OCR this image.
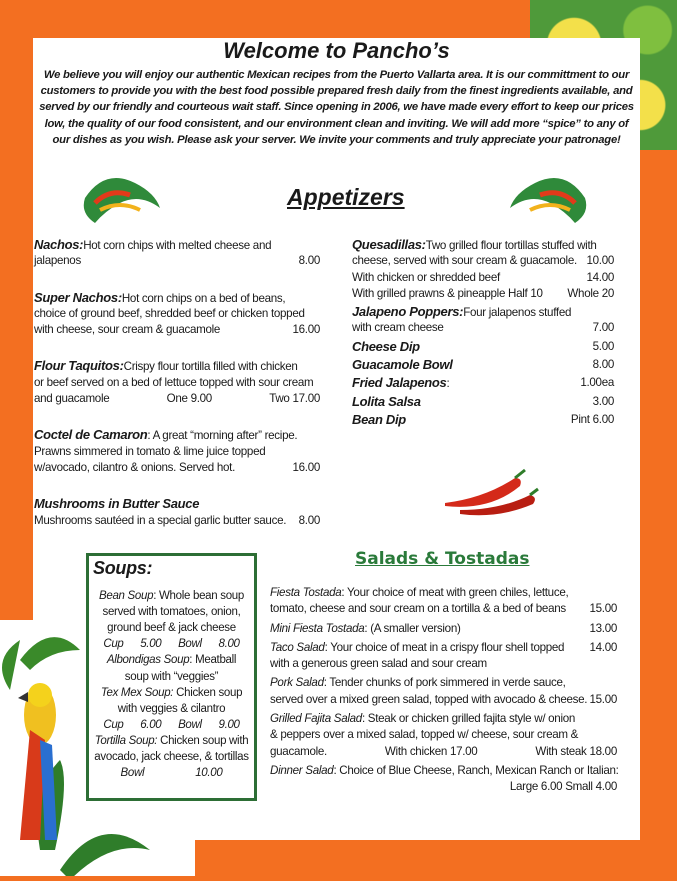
Welcome to Pancho’s
We believe you will enjoy our authentic Mexican recipes from the Puerto Vallarta area. It is our committment to our customers to provide you with the best food possible prepared fresh daily from the finest ingredients available, and served by our friendly and courteous wait staff. Since opening in 2006, we have made every effort to keep our prices low, the quality of our food consistent, and our environment clean and inviting. We will add more “spice” to any of our dishes as you wish. Please ask your server. We invite your comments and truly appreciate your patronage!
Appetizers
Nachos:Hot corn chips with melted cheese and
jalapenos	8.00
Super Nachos:Hot corn chips on a bed of beans,
choice of ground beef, shredded beef or chicken topped
with cheese, sour cream & guacamole	16.00
Flour Taquitos:Crispy flour tortilla filled with chicken
or beef served on a bed of lettuce topped with sour cream
and guacamole	One 9.00	Two 17.00
Coctel de Camaron: A great “morning after” recipe.
Prawns simmered in tomato & lime juice topped
w/avocado, cilantro & onions. Served hot.	16.00
Mushrooms in Butter Sauce
Mushrooms sautéed in a special garlic butter sauce. 8.00
Quesadillas:Two grilled flour tortillas stuffed with
cheese, served with sour cream & guacamole. 10.00
With chicken or shredded beef	14.00
With grilled prawns & pineapple Half 10 Whole 20
Jalapeno Poppers:Four jalapenos stuffed
with cream cheese	7.00
Cheese Dip	5.00
Guacamole Bowl	8.00
Fried Jalapenos:	1.00ea
Lolita Salsa	3.00
Bean Dip	Pint 6.00
Soups:
Bean Soup: Whole bean soup
served with tomatoes, onion,
ground beef & jack cheese
Cup 5.00 Bowl 8.00
Albondigas Soup: Meatball
soup with “veggies”
Tex Mex Soup: Chicken soup
with veggies & cilantro
Cup 6.00 Bowl 9.00
Tortilla Soup: Chicken soup with
avocado, jack cheese, & tortillas
Bowl	10.00
Salads & Tostadas
Fiesta Tostada: Your choice of meat with green chiles, lettuce,
tomato, cheese and sour cream on a tortilla & a bed of beans 15.00
Mini Fiesta Tostada: (A smaller version)	13.00
Taco Salad: Your choice of meat in a crispy flour shell topped 14.00
with a generous green salad and sour cream
Pork Salad: Tender chunks of pork simmered in verde sauce,
served over a mixed green salad, topped with avocado & cheese. 15.00
Grilled Fajita Salad: Steak or chicken grilled fajita style w/ onion
& peppers over a mixed salad, topped w/ cheese, sour cream &
guacamole.	With chicken 17.00	With steak 18.00
Dinner Salad: Choice of Blue Cheese, Ranch, Mexican Ranch or Italian:
Large 6.00 Small 4.00
